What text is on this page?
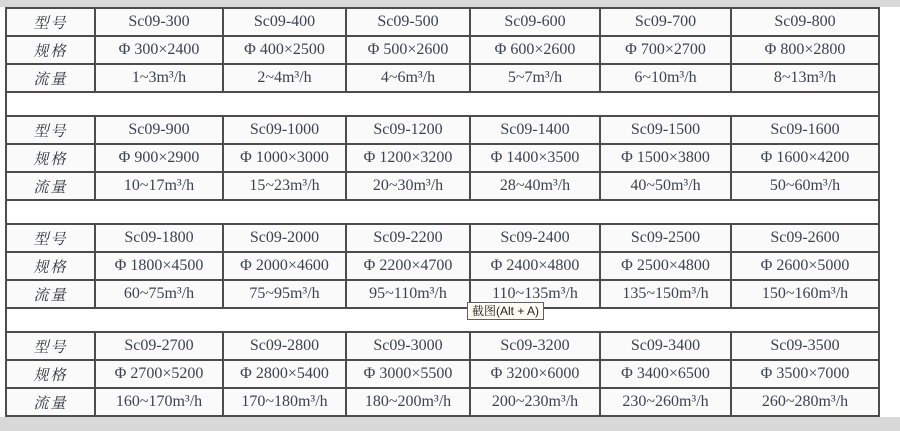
型号	Sc09-300	Sc09-400	Sc09-500	Sc09-600	Sc09-700	Sc09-800
规格	Φ 300×2400	Φ 400×2500	Φ 500×2600	Φ 600×2600	Φ 700×2700	Φ 800×2800
流量	1~3m³/h	2~4m³/h	4~6m³/h	5~7m³/h	6~10m³/h	8~13m³/h

型号	Sc09-900	Sc09-1000	Sc09-1200	Sc09-1400	Sc09-1500	Sc09-1600
规格	Φ 900×2900	Φ 1000×3000	Φ 1200×3200	Φ 1400×3500	Φ 1500×3800	Φ 1600×4200
流量	10~17m³/h	15~23m³/h	20~30m³/h	28~40m³/h	40~50m³/h	50~60m³/h

型号	Sc09-1800	Sc09-2000	Sc09-2200	Sc09-2400	Sc09-2500	Sc09-2600
规格	Φ 1800×4500	Φ 2000×4600	Φ 2200×4700	Φ 2400×4800	Φ 2500×4800	Φ 2600×5000
流量	60~75m³/h	75~95m³/h	95~110m³/h	110~135m³/h	135~150m³/h	150~160m³/h

型号	Sc09-2700	Sc09-2800	Sc09-3000	Sc09-3200	Sc09-3400	Sc09-3500
规格	Φ 2700×5200	Φ 2800×5400	Φ 3000×5500	Φ 3200×6000	Φ 3400×6500	Φ 3500×7000
流量	160~170m³/h	170~180m³/h	180~200m³/h	200~230m³/h	230~260m³/h	260~280m³/h
截图(Alt + A)
